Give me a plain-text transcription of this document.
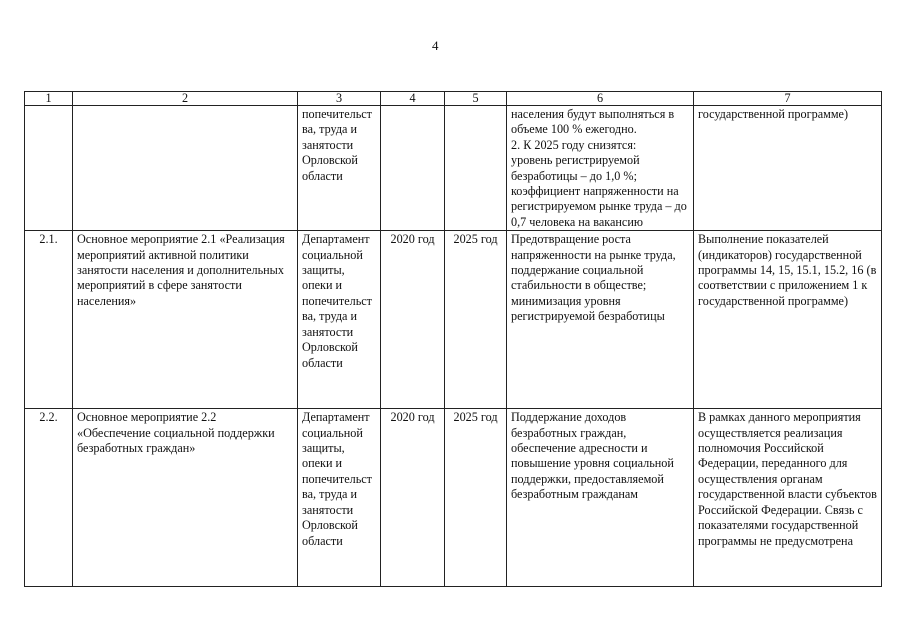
4
1	2	3	4	5	6	7
		попечительства, труда и занятости Орловской области			населения будут выполняться в объеме 100 % ежегодно.
2. К 2025 году снизятся:
уровень регистрируемой безработицы – до 1,0 %;
коэффициент напряженности на регистрируемом рынке труда – до 0,7 человека на вакансию	государственной программе)
2.1.	Основное мероприятие 2.1 «Реализация мероприятий активной политики занятости населения и дополнительных мероприятий в сфере занятости населения»	Департамент социальной защиты, опеки и попечительства, труда и занятости Орловской области	2020 год	2025 год	Предотвращение роста напряженности на рынке труда, поддержание социальной стабильности в обществе; минимизация уровня регистрируемой безработицы	Выполнение показателей (индикаторов) государственной программы 14, 15, 15.1, 15.2, 16 (в соответствии с приложением 1 к государственной программе)
2.2.	Основное мероприятие 2.2 «Обеспечение социальной поддержки безработных граждан»	Департамент социальной защиты, опеки и попечительства, труда и занятости Орловской области	2020 год	2025 год	Поддержание доходов безработных граждан, обеспечение адресности и повышение уровня социальной поддержки, предоставляемой безработным гражданам	В рамках данного мероприятия осуществляется реализация полномочия Российской Федерации, переданного для осуществления органам государственной власти субъектов Российской Федерации. Связь с показателями государственной программы не предусмотрена
